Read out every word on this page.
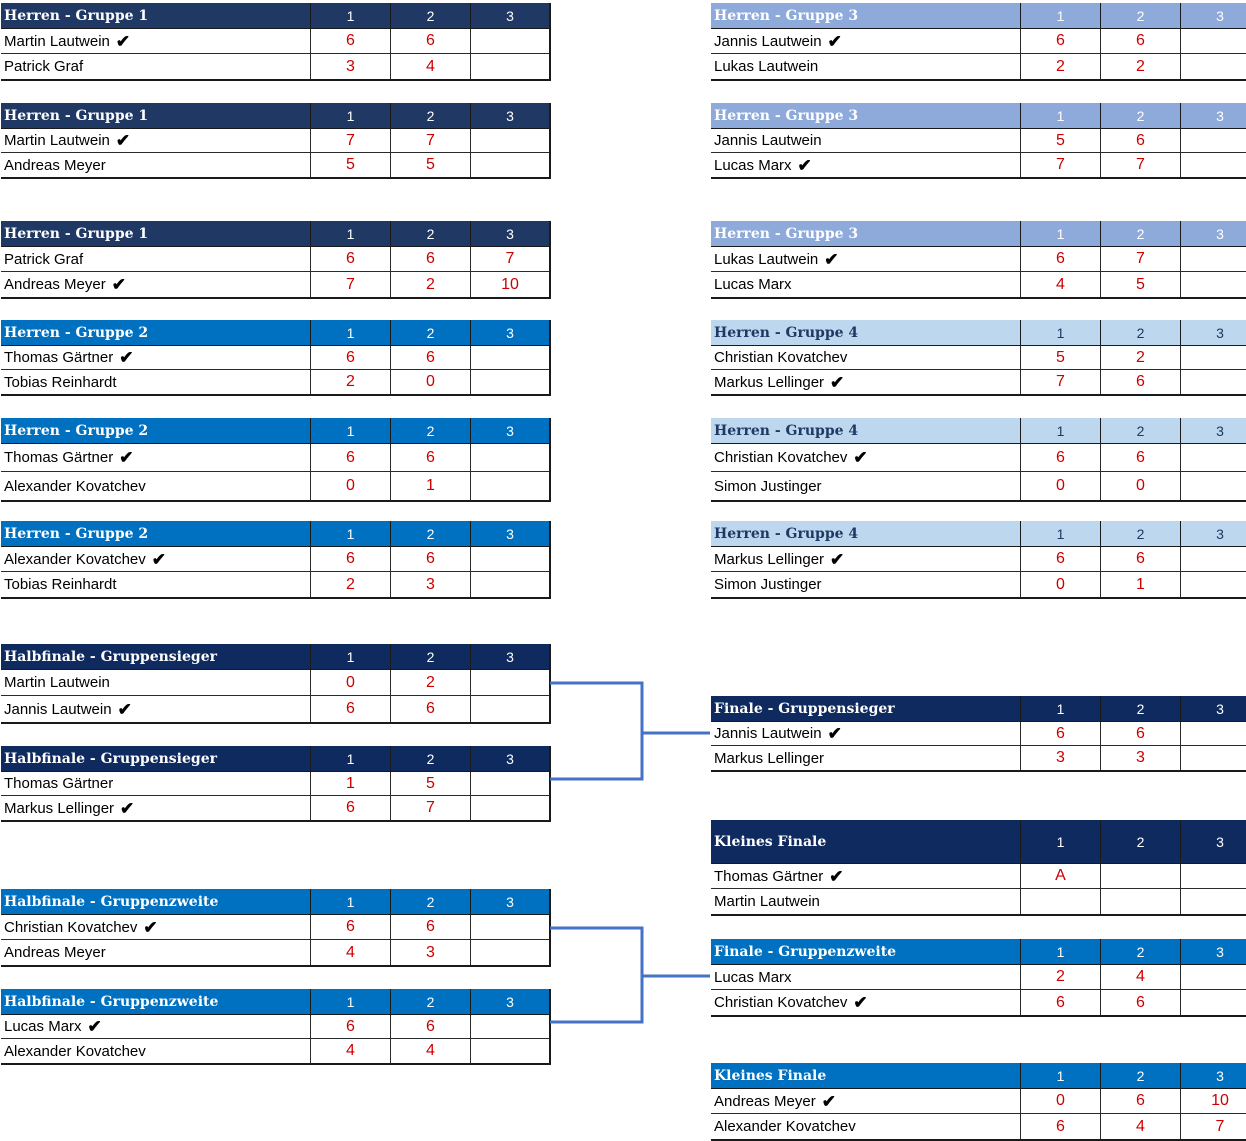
Herren - Gruppe 1	1	2	3
Martin Lautwein ✔	6	6
Patrick Graf	3	4
Herren - Gruppe 3	1	2	3
Jannis Lautwein ✔	6	6
Lukas Lautwein	2	2
Herren - Gruppe 1	1	2	3
Martin Lautwein ✔	7	7
Andreas Meyer	5	5
Herren - Gruppe 3	1	2	3
Jannis Lautwein	5	6
Lucas Marx ✔	7	7
Herren - Gruppe 1	1	2	3
Patrick Graf	6	6	7
Andreas Meyer ✔	7	2	10
Herren - Gruppe 3	1	2	3
Lukas Lautwein ✔	6	7
Lucas Marx	4	5
Herren - Gruppe 2	1	2	3
Thomas Gärtner ✔	6	6
Tobias Reinhardt	2	0
Herren - Gruppe 4	1	2	3
Christian Kovatchev	5	2
Markus Lellinger ✔	7	6
Herren - Gruppe 2	1	2	3
Thomas Gärtner ✔	6	6
Alexander Kovatchev	0	1
Herren - Gruppe 4	1	2	3
Christian Kovatchev ✔	6	6
Simon Justinger	0	0
Herren - Gruppe 2	1	2	3
Alexander Kovatchev ✔	6	6
Tobias Reinhardt	2	3
Herren - Gruppe 4	1	2	3
Markus Lellinger ✔	6	6
Simon Justinger	0	1
Halbfinale - Gruppensieger	1	2	3
Martin Lautwein	0	2
Jannis Lautwein ✔	6	6
Halbfinale - Gruppensieger	1	2	3
Thomas Gärtner	1	5
Markus Lellinger ✔	6	7
Finale - Gruppensieger	1	2	3
Jannis Lautwein ✔	6	6
Markus Lellinger	3	3
Kleines Finale	1	2	3
Thomas Gärtner ✔	A
Martin Lautwein
Halbfinale - Gruppenzweite	1	2	3
Christian Kovatchev ✔	6	6
Andreas Meyer	4	3
Halbfinale - Gruppenzweite	1	2	3
Lucas Marx ✔	6	6
Alexander Kovatchev	4	4
Finale - Gruppenzweite	1	2	3
Lucas Marx	2	4
Christian Kovatchev ✔	6	6
Kleines Finale	1	2	3
Andreas Meyer ✔	0	6	10
Alexander Kovatchev	6	4	7
